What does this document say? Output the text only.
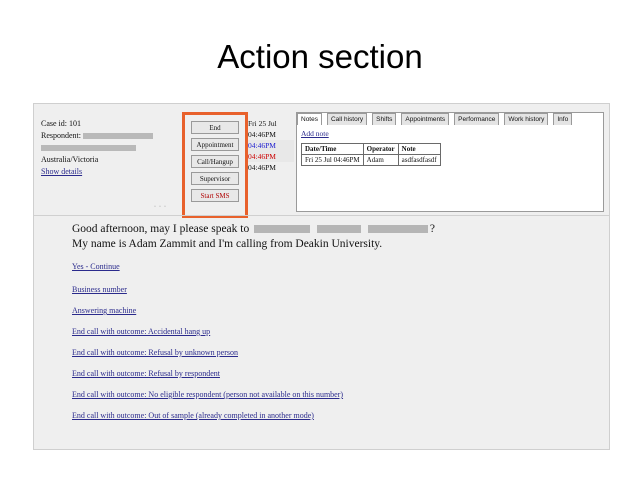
Action section
Case id: 101
Respondent:
Australia/Victoria
Show details
End
Appointment
Call/Hangup
Supervisor
Start SMS
Fri 25 Jul
04:46PM
04:46PM
04:46PM
04:46PM
Notes Call history Shifts Appointments Performance Work history Info
Add note
Date/Time	Operator	Note
Fri 25 Jul 04:46PM	Adam	asdfasdfasdf
···
Good afternoon, may I please speak to	?
My name is Adam Zammit and I'm calling from Deakin University.
Yes - Continue
Business number
Answering machine
End call with outcome: Accidental hang up
End call with outcome: Refusal by unknown person
End call with outcome: Refusal by respondent
End call with outcome: No eligible respondent (person not available on this number)
End call with outcome: Out of sample (already completed in another mode)
